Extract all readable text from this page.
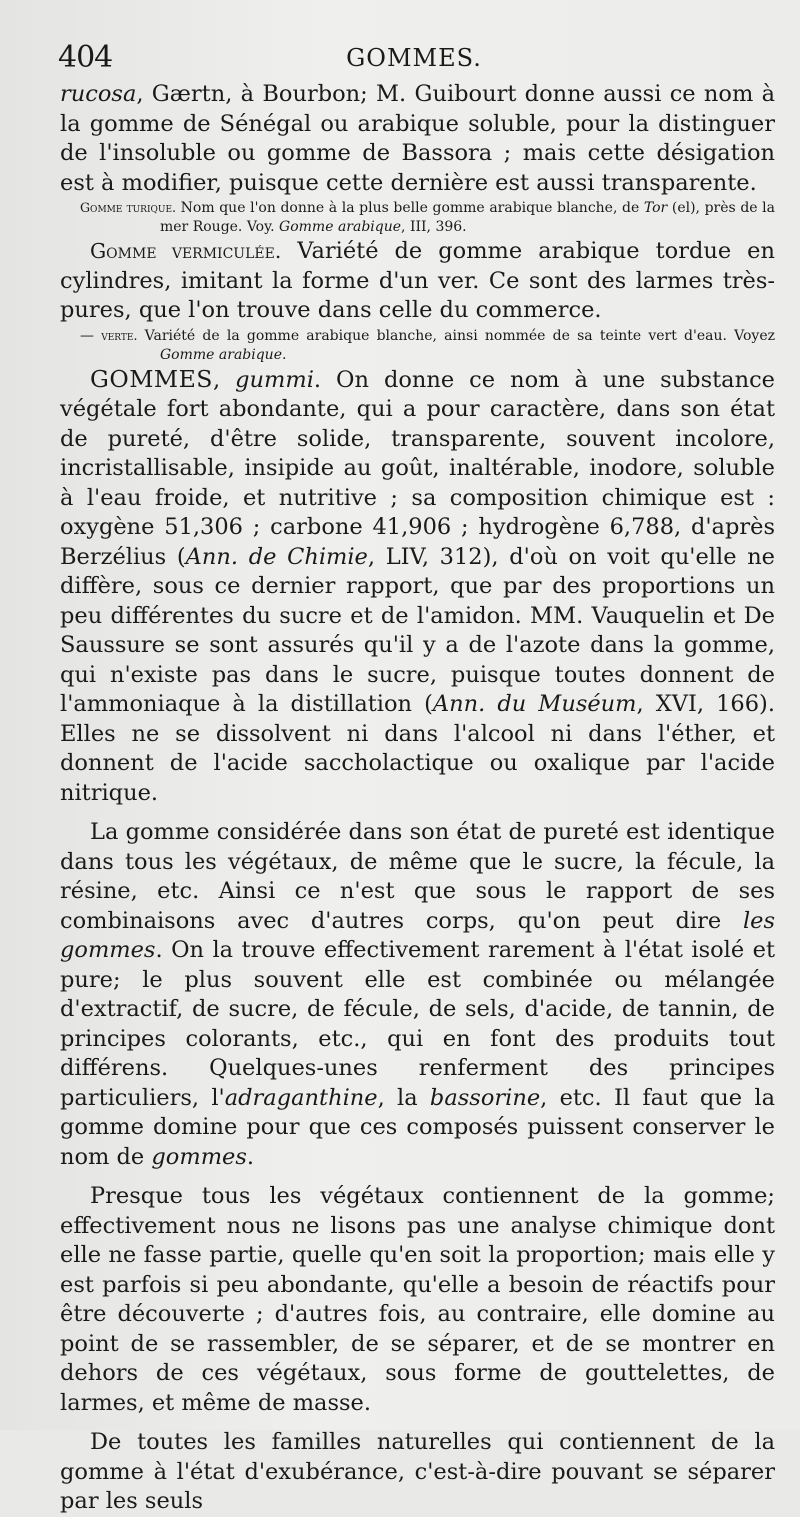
404	GOMMES.

rucosa, Gærtn, à Bourbon; M. Guibourt donne aussi ce nom à la gomme de Sénégal ou arabique soluble, pour la distinguer de l'insoluble ou gomme de Bassora ; mais cette désigation est à modifier, puisque cette dernière est aussi transparente.

Gomme turique. Nom que l'on donne à la plus belle gomme arabique blanche, de Tor (el), près de la mer Rouge. Voy. Gomme arabique, III, 396.

Gomme vermiculée. Variété de gomme arabique tordue en cylindres, imitant la forme d'un ver. Ce sont des larmes très-pures, que l'on trouve dans celle du commerce.

— verte. Variété de la gomme arabique blanche, ainsi nommée de sa teinte vert d'eau. Voyez Gomme arabique.

GOMMES, gummi. On donne ce nom à une substance végétale fort abondante, qui a pour caractère, dans son état de pureté, d'être solide, transparente, souvent incolore, incristallisable, insipide au goût, inaltérable, inodore, soluble à l'eau froide, et nutritive ; sa composition chimique est : oxygène 51,306 ; carbone 41,906 ; hydrogène 6,788, d'après Berzélius (Ann. de Chimie, LIV, 312), d'où on voit qu'elle ne diffère, sous ce dernier rapport, que par des proportions un peu différentes du sucre et de l'amidon. MM. Vauquelin et De Saussure se sont assurés qu'il y a de l'azote dans la gomme, qui n'existe pas dans le sucre, puisque toutes donnent de l'ammoniaque à la distillation (Ann. du Muséum, XVI, 166). Elles ne se dissolvent ni dans l'alcool ni dans l'éther, et donnent de l'acide saccholactique ou oxalique par l'acide nitrique.

La gomme considérée dans son état de pureté est identique dans tous les végétaux, de même que le sucre, la fécule, la résine, etc. Ainsi ce n'est que sous le rapport de ses combinaisons avec d'autres corps, qu'on peut dire les gommes. On la trouve effectivement rarement à l'état isolé et pure; le plus souvent elle est combinée ou mélangée d'extractif, de sucre, de fécule, de sels, d'acide, de tannin, de principes colorants, etc., qui en font des produits tout différens. Quelques-unes renferment des principes particuliers, l'adraganthine, la bassorine, etc. Il faut que la gomme domine pour que ces composés puissent conserver le nom de gommes.

Presque tous les végétaux contiennent de la gomme; effectivement nous ne lisons pas une analyse chimique dont elle ne fasse partie, quelle qu'en soit la proportion; mais elle y est parfois si peu abondante, qu'elle a besoin de réactifs pour être découverte ; d'autres fois, au contraire, elle domine au point de se rassembler, de se séparer, et de se montrer en dehors de ces végétaux, sous forme de gouttelettes, de larmes, et même de masse.

De toutes les familles naturelles qui contiennent de la gomme à l'état d'exubérance, c'est-à-dire pouvant se séparer par les seuls
